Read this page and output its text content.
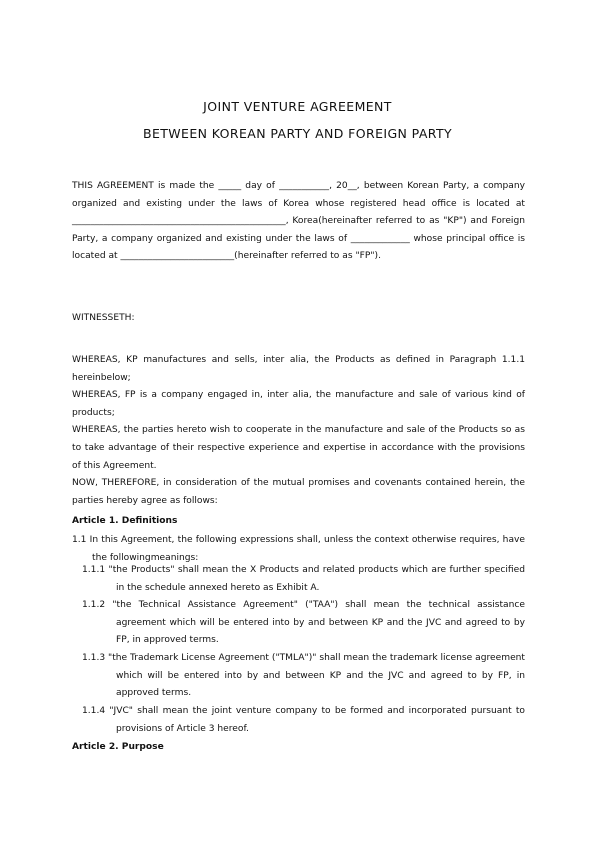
JOINT VENTURE AGREEMENT
BETWEEN KOREAN PARTY AND FOREIGN PARTY
THIS AGREEMENT is made the _____ day of ___________, 20__, between Korean Party, a company organized and existing under the laws of Korea whose registered head office is located at _______________________________________________, Korea(hereinafter referred to as "KP") and Foreign Party, a company organized and existing under the laws of _____________ whose principal office is located at _________________________(hereinafter referred to as "FP").
WITNESSETH:
WHEREAS, KP manufactures and sells, inter alia, the Products as defined in Paragraph 1.1.1 hereinbelow;
WHEREAS, FP is a company engaged in, inter alia, the manufacture and sale of various kind of products;
WHEREAS, the parties hereto wish to cooperate in the manufacture and sale of the Products so as to take advantage of their respective experience and expertise in accordance with the provisions of this Agreement.
NOW, THEREFORE, in consideration of the mutual promises and covenants contained herein, the parties hereby agree as follows:
Article 1. Definitions
1.1 In this Agreement, the following expressions shall, unless the context otherwise requires, have the followingmeanings:
1.1.1 "the Products" shall mean the X Products and related products which are further specified in the schedule annexed hereto as Exhibit A.
1.1.2 "the Technical Assistance Agreement" ("TAA") shall mean the technical assistance agreement which will be entered into by and between KP and the JVC and agreed to by FP, in approved terms.
1.1.3 "the Trademark License Agreement ("TMLA")" shall mean the trademark license agreement which will be entered into by and between KP and the JVC and agreed to by FP, in approved terms.
1.1.4 "JVC" shall mean the joint venture company to be formed and incorporated pursuant to provisions of Article 3 hereof.
Article 2. Purpose
